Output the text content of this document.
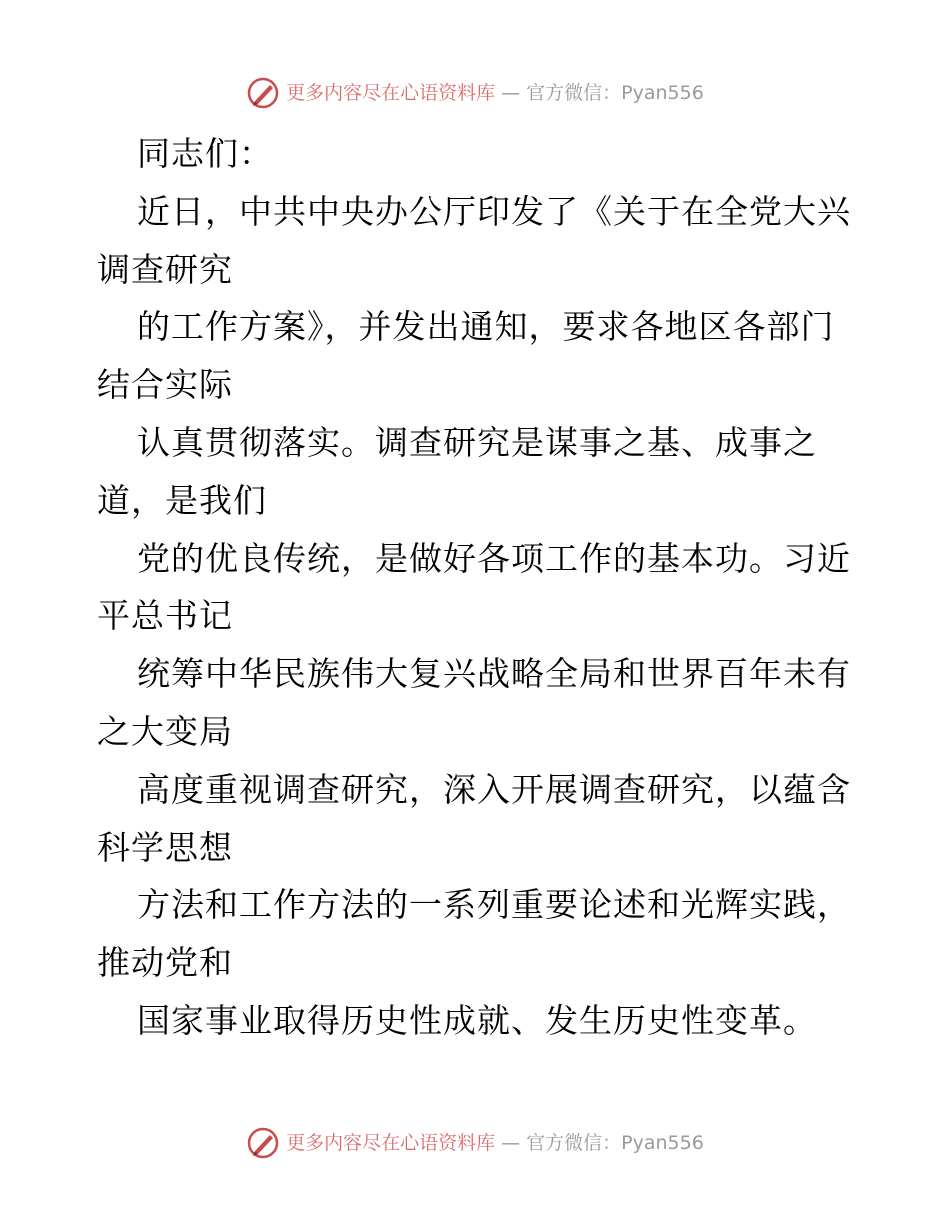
更多内容尽在心语资料库 — 官方微信：Pyan556
同志们：
近日，中共中央办公厅印发了《关于在全党大兴
调查研究
的工作方案》，并发出通知，要求各地区各部门
结合实际
认真贯彻落实。调查研究是谋事之基、成事之
道，是我们
党的优良传统，是做好各项工作的基本功。习近
平总书记
统筹中华民族伟大复兴战略全局和世界百年未有
之大变局
高度重视调查研究，深入开展调查研究，以蕴含
科学思想
方法和工作方法的一系列重要论述和光辉实践，
推动党和
国家事业取得历史性成就、发生历史性变革。
更多内容尽在心语资料库 — 官方微信：Pyan556
